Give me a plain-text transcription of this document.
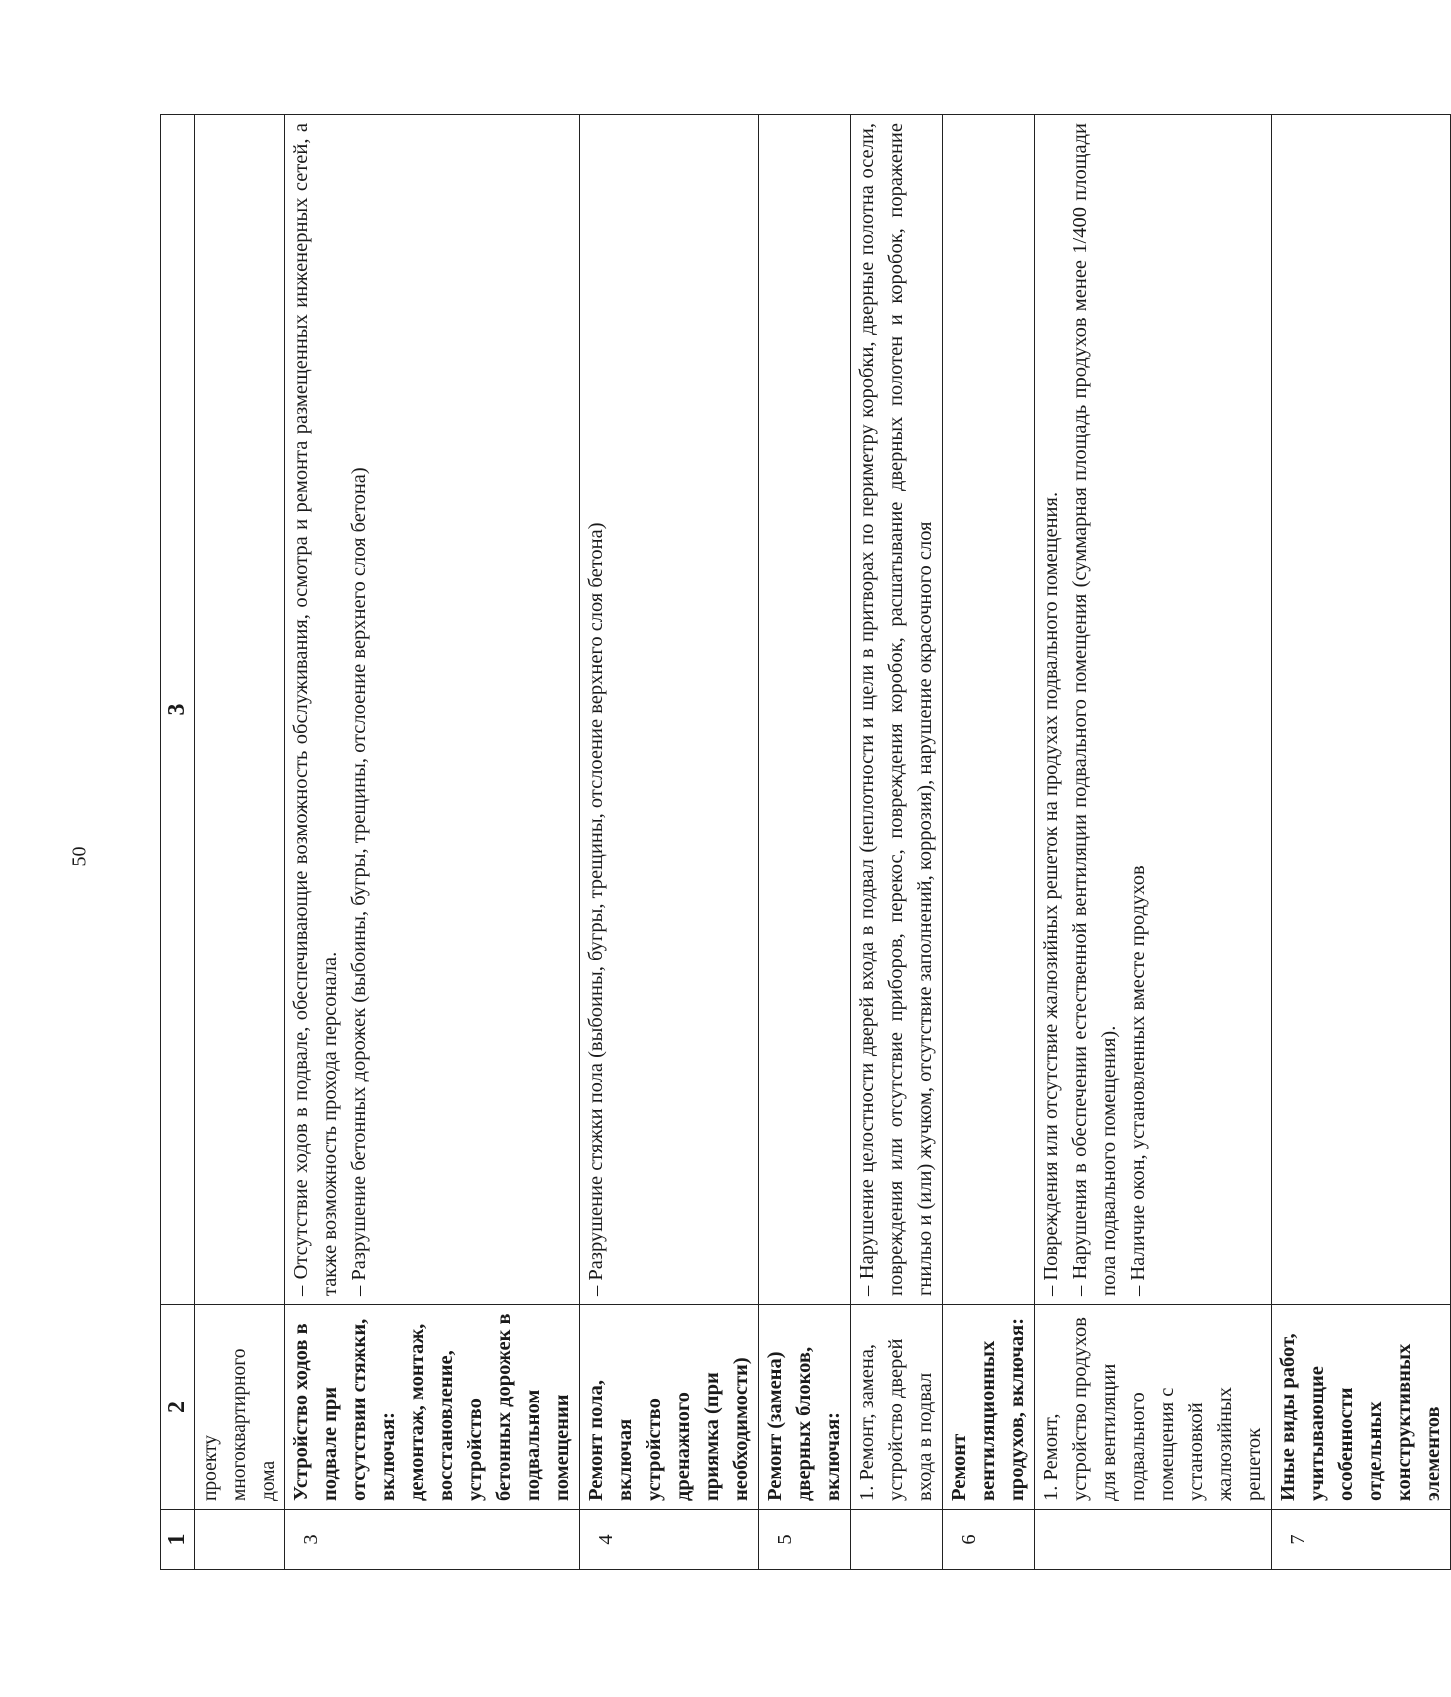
50
1	2	3
	проекту многоквартирного дома	
3	Устройство ходов в подвале при отсутствии стяжки, включая: демонтаж, монтаж, восстановление, устройство бетонных дорожек в подвальном помещении	– Отсутствие ходов в подвале, обеспечивающие возможность обслуживания, осмотра и ремонта размещенных инженерных сетей, а также возможность прохода персонала. – Разрушение бетонных дорожек (выбоины, бугры, трещины, отслоение верхнего слоя бетона)

4	Ремонт пола, включая устройство дренажного приямка (при необходимости)	– Разрушение стяжки пола (выбоины, бугры, трещины, отслоение верхнего слоя бетона)

5	Ремонт (замена) дверных блоков, включая:	
	1. Ремонт, замена, устройство дверей входа в подвал	– Нарушение целостности дверей входа в подвал (неплотности и щели в притворах по периметру коробки, дверные полотна осели, повреждения или отсутствие приборов, перекос, повреждения коробок, расшатывание дверных полотен и коробок, поражение гнилью и (или) жучком, отсутствие заполнений, коррозия), нарушение окрасочного слоя

6	Ремонт вентиляционных продухов, включая:	
	1. Ремонт, устройство продухов для вентиляции подвального помещения с установкой жалюзийных решеток	– Повреждения или отсутствие жалюзийных решеток на продухах подвального помещения. – Нарушения в обеспечении естественной вентиляции подвального помещения (суммарная площадь продухов менее 1/400 площади пола подвального помещения). – Наличие окон, установленных вместе продухов

7	Иные виды работ, учитывающие особенности отдельных конструктивных элементов	
